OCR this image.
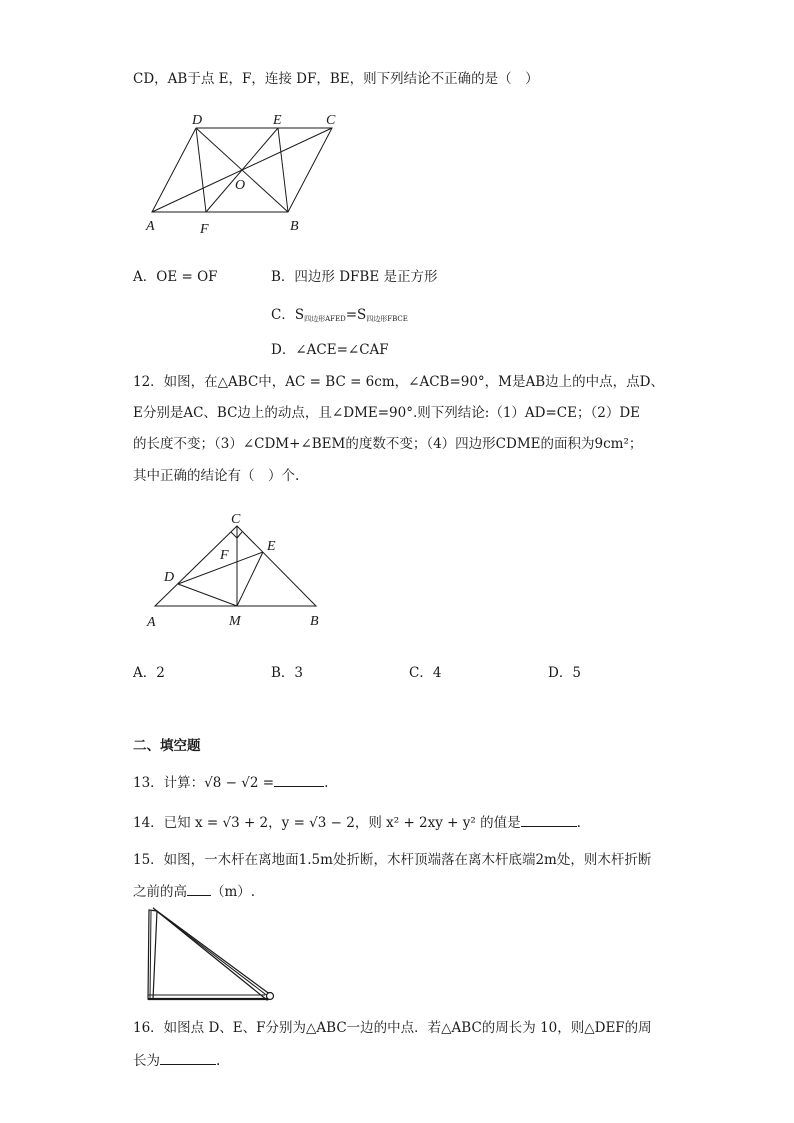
CD，AB于点 E，F，连接 DF，BE，则下列结论不正确的是（　）
D	E	C
O
A	F	B
A．OE = OF	B．四边形 DFBE 是正方形
C．$S_{四边形AFED}=S_{四边形FBCE}$
D．∠ACE=∠CAF
12．如图，在△ABC中，AC = BC = 6cm，∠ACB=90°，M是AB边上的中点，点D、
E分别是AC、BC边上的动点，且∠DME=90°.则下列结论:（1）AD=CE；（2）DE
的长度不变；（3）∠CDM+∠BEM的度数不变；（4）四边形CDME的面积为9cm²；
其中正确的结论有（　）个.
C
F
E
D
A	M	B
A．2	B．3	C．4	D．5
二、填空题
13．计算：√8 − √2 =	.
14．已知 x = √3 + 2，y = √3 − 2，则 x² + 2xy + y² 的值是	.
15．如图，一木杆在离地面1.5m处折断，木杆顶端落在离木杆底端2m处，则木杆折断
之前的高 （m）.
16．如图点 D、E、F分别为△ABC一边的中点．若△ABC的周长为 10，则△DEF的周
长为	.
